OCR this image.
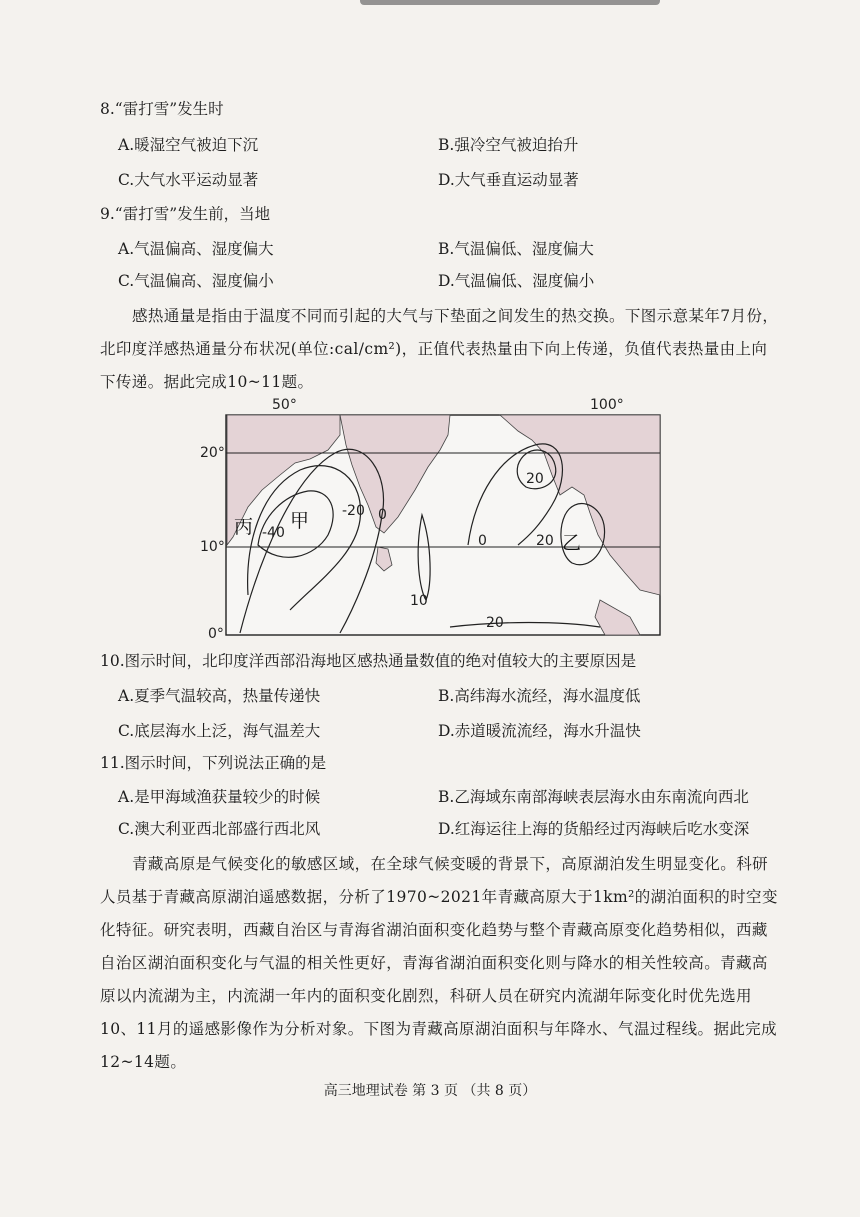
8.“雷打雪”发生时
A.暖湿空气被迫下沉	B.强冷空气被迫抬升
C.大气水平运动显著	D.大气垂直运动显著
9.“雷打雪”发生前，当地
A.气温偏高、湿度偏大	B.气温偏低、湿度偏大
C.气温偏高、湿度偏小	D.气温偏低、湿度偏小
感热通量是指由于温度不同而引起的大气与下垫面之间发生的热交换。下图示意某年7月份，北印度洋感热通量分布状况(单位:cal/cm²)，正值代表热量由下向上传递，负值代表热量由上向下传递。据此完成10~11题。
50°	100°
20°
10°
0°
-20 0
-40
20
0	20
10
20
丙 甲
乙
10.图示时间，北印度洋西部沿海地区感热通量数值的绝对值较大的主要原因是
A.夏季气温较高，热量传递快	B.高纬海水流经，海水温度低
C.底层海水上泛，海气温差大	D.赤道暖流流经，海水升温快
11.图示时间，下列说法正确的是
A.是甲海域渔获量较少的时候	B.乙海域东南部海峡表层海水由东南流向西北
C.澳大利亚西北部盛行西北风	D.红海运往上海的货船经过丙海峡后吃水变深
青藏高原是气候变化的敏感区域，在全球气候变暖的背景下，高原湖泊发生明显变化。科研人员基于青藏高原湖泊遥感数据，分析了1970~2021年青藏高原大于1km²的湖泊面积的时空变化特征。研究表明，西藏自治区与青海省湖泊面积变化趋势与整个青藏高原变化趋势相似，西藏自治区湖泊面积变化与气温的相关性更好，青海省湖泊面积变化则与降水的相关性较高。青藏高原以内流湖为主，内流湖一年内的面积变化剧烈，科研人员在研究内流湖年际变化时优先选用10、11月的遥感影像作为分析对象。下图为青藏高原湖泊面积与年降水、气温过程线。据此完成12~14题。
高三地理试卷 第 3 页 （共 8 页）
